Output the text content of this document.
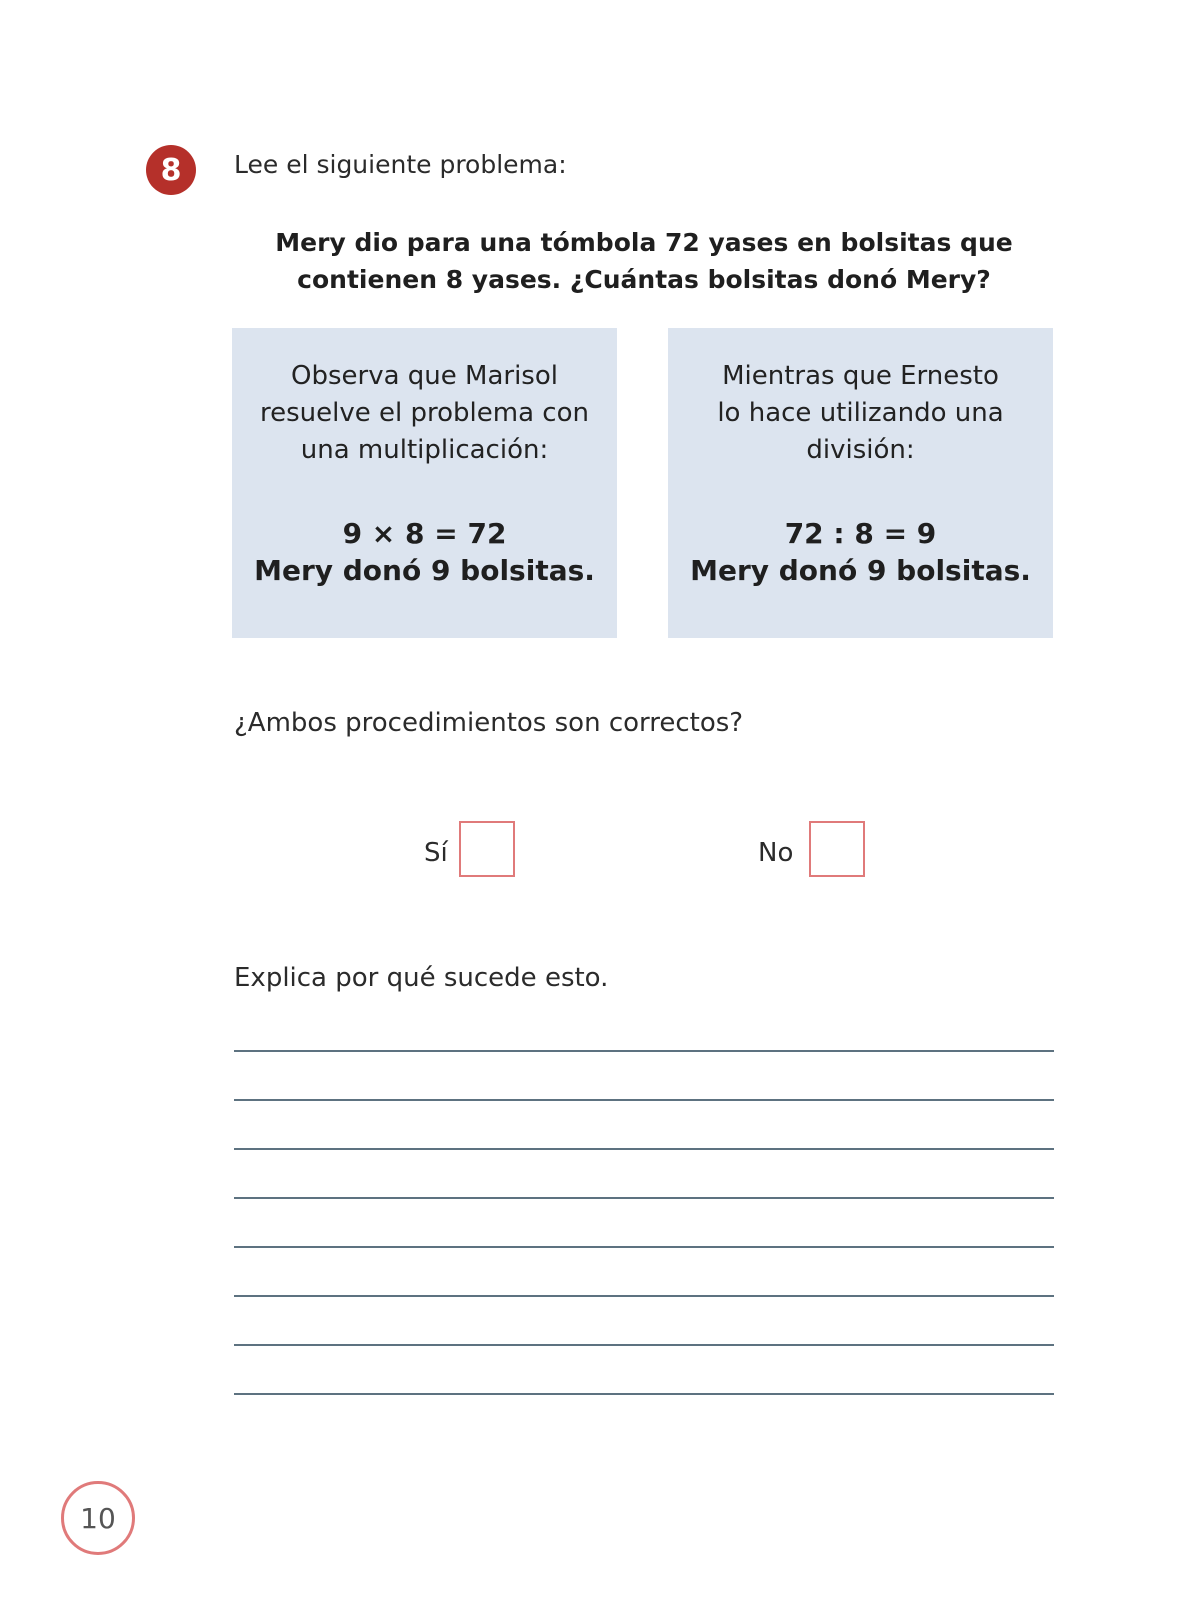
8	Lee el siguiente problema:
Mery dio para una tómbola 72 yases en bolsitas que contienen 8 yases. ¿Cuántas bolsitas donó Mery?
Observa que Marisol
resuelve el problema con
una multiplicación:
9 × 8 = 72
Mery donó 9 bolsitas.
Mientras que Ernesto
lo hace utilizando una
división:
72 : 8 = 9
Mery donó 9 bolsitas.
¿Ambos procedimientos son correctos?
Sí	No
Explica por qué sucede esto.
10
